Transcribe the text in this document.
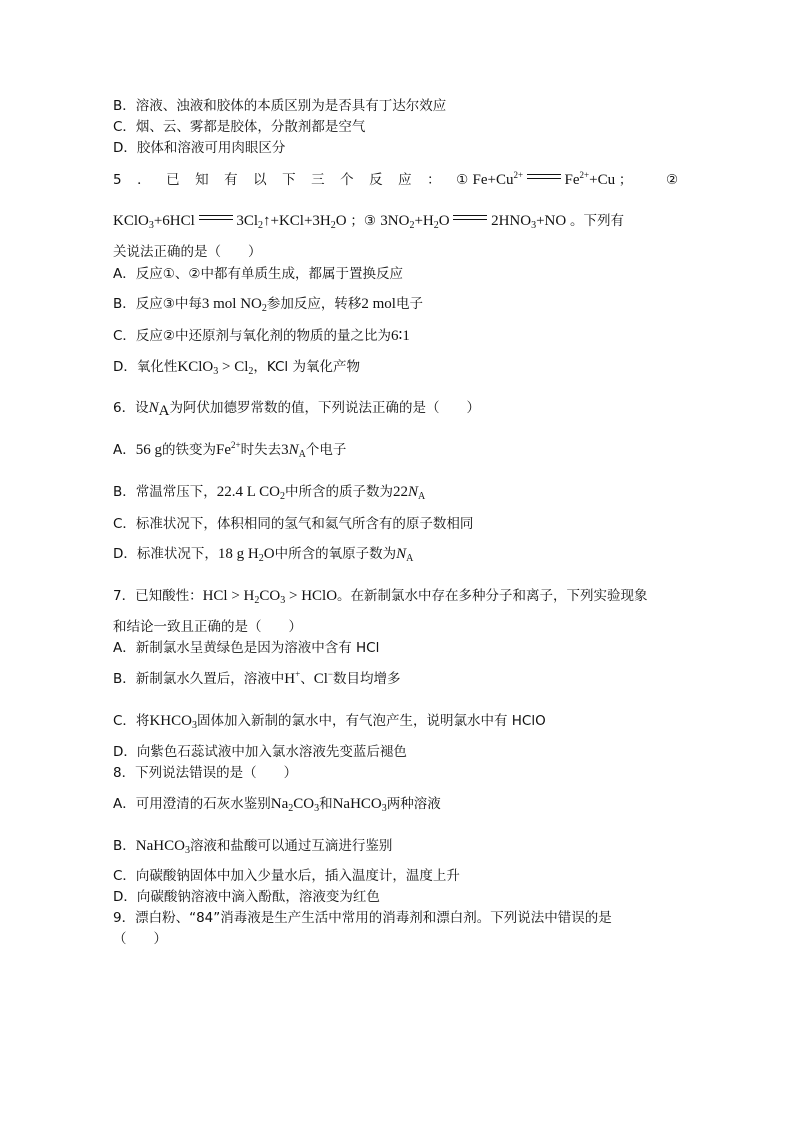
B．溶液、浊液和胶体的本质区别为是否具有丁达尔效应
C．烟、云、雾都是胶体，分散剂都是空气
D．胶体和溶液可用肉眼区分
5．已知有以下三个反应：① $Fe+Cu^{2+}$	$Fe^{2+}+Cu$ ； ②
KClO$_3$+6HCl	$3Cl_2↑+KCl+3H_2O$ ；③ $3NO_2+H_2O$	$2HNO_3+NO$ 。下列有
关说法正确的是（　　）
A．反应①、②中都有单质生成，都属于置换反应
B．反应③中每3 mol $NO_2$参加反应，转移2 mol电子
C．反应②中还原剂与氧化剂的物质的量之比为6∶1
D．氧化性KClO$_3$ > $Cl_2$，KCl 为氧化产物
6．设$N_A$为阿伏加德罗常数的值，下列说法正确的是（　　）
A．56 g的铁变为$Fe^{2+}$时失去$3N_A$个电子
B．常温常压下，22.4 L $CO_2$中所含的质子数为$22N_A$
C．标准状况下，体积相同的氢气和氦气所含有的原子数相同
D．标准状况下，18 g $H_2O$中所含的氧原子数为$N_A$
7．已知酸性：HCl > $H_2CO_3$ > HClO。在新制氯水中存在多种分子和离子，下列实验现象
和结论一致且正确的是（　　）
A．新制氯水呈黄绿色是因为溶液中含有 HCl
B．新制氯水久置后，溶液中H+、Cl−数目均增多
C．将$KHCO_3$固体加入新制的氯水中，有气泡产生，说明氯水中有 HClO
D．向紫色石蕊试液中加入氯水溶液先变蓝后褪色
8．下列说法错误的是（　　）
A．可用澄清的石灰水鉴别$Na_2CO_3$和NaHCO$_3$两种溶液
B．NaHCO$_3$溶液和盐酸可以通过互滴进行鉴别
C．向碳酸钠固体中加入少量水后，插入温度计，温度上升
D．向碳酸钠溶液中滴入酚酞，溶液变为红色
9．漂白粉、“84”消毒液是生产生活中常用的消毒剂和漂白剂。下列说法中错误的是
（　　）
